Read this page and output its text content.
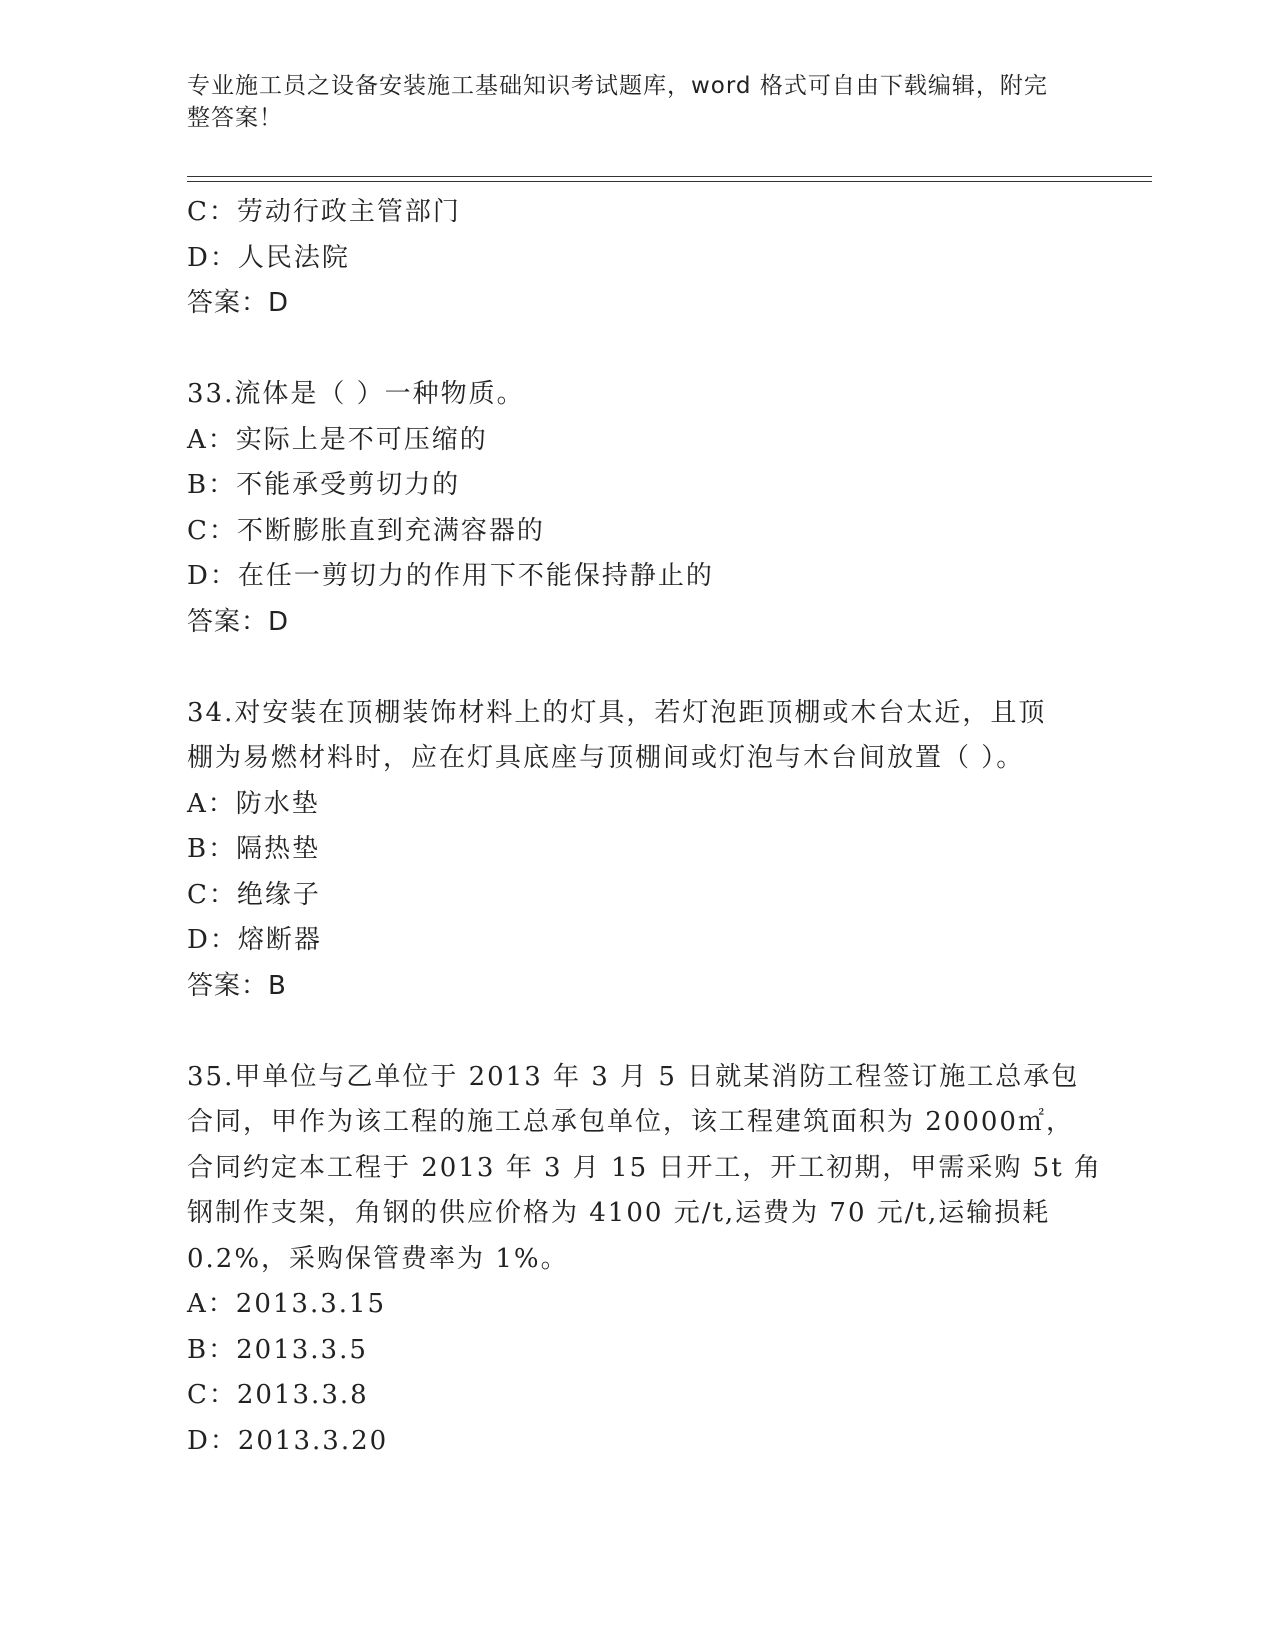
专业施工员之设备安装施工基础知识考试题库，word 格式可自由下载编辑，附完
整答案！
C：劳动行政主管部门
D：人民法院
答案：D
33.流体是（ ）一种物质。
A：实际上是不可压缩的
B：不能承受剪切力的
C：不断膨胀直到充满容器的
D：在任一剪切力的作用下不能保持静止的
答案：D
34.对安装在顶棚装饰材料上的灯具，若灯泡距顶棚或木台太近，且顶
棚为易燃材料时，应在灯具底座与顶棚间或灯泡与木台间放置（ ）。
A：防水垫
B：隔热垫
C：绝缘子
D：熔断器
答案：B
35.甲单位与乙单位于 2013 年 3 月 5 日就某消防工程签订施工总承包
合同，甲作为该工程的施工总承包单位，该工程建筑面积为 20000㎡，
合同约定本工程于 2013 年 3 月 15 日开工，开工初期，甲需采购 5t 角
钢制作支架，角钢的供应价格为 4100 元/t,运费为 70 元/t,运输损耗
0.2%，采购保管费率为 1%。
A：2013.3.15
B：2013.3.5
C：2013.3.8
D：2013.3.20
